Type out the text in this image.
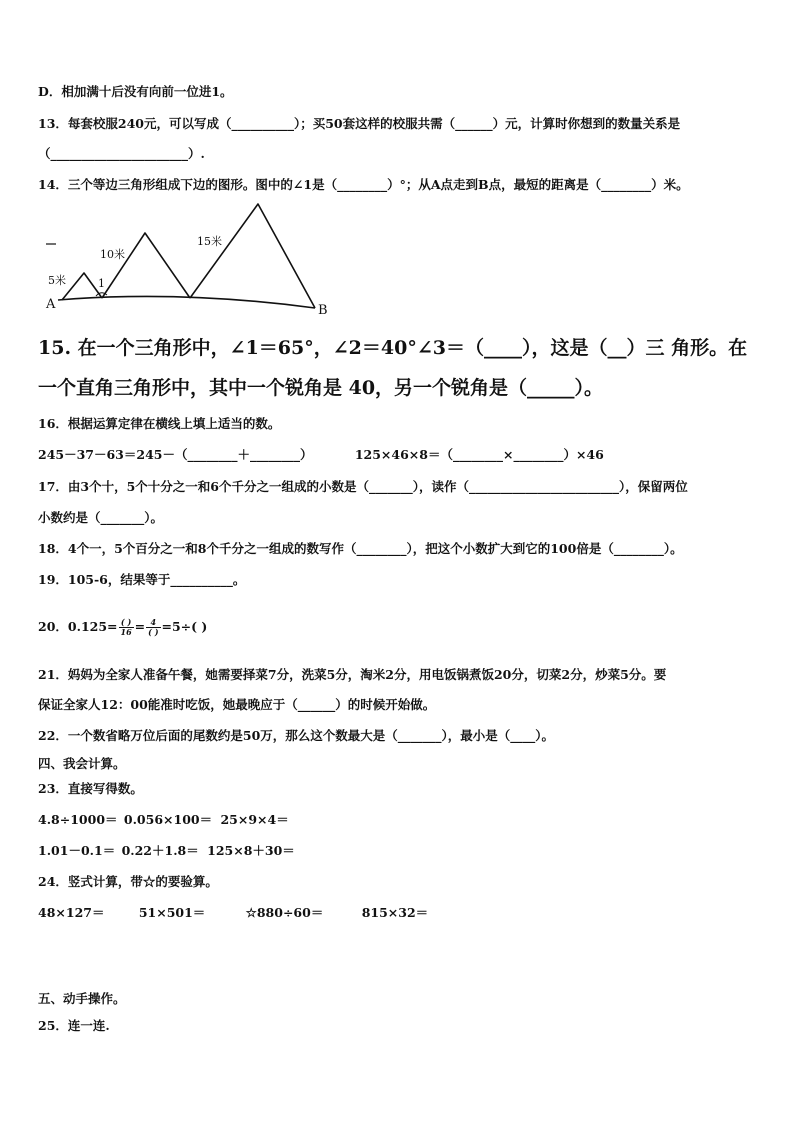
D．相加满十后没有向前一位进1。
13．每套校服240元，可以写成（__________）；买50套这样的校服共需（______）元，计算时你想到的数量关系是
（______________________）.
14．三个等边三角形组成下边的图形。图中的∠1是（________）°；从A点走到B点，最短的距离是（________）米。
5米
10米
15米
1
A	B
15. 在一个三角形中，∠1＝65°，∠2＝40°∠3＝（____），这是（__）三 角形。在
一个直角三角形中，其中一个锐角是 40，另一个锐角是（_____）。
16．根据运算定律在横线上填上适当的数。
245－37－63＝245－（________＋________）	125×46×8＝（________×________）×46
17．由3个十，5个十分之一和6个千分之一组成的小数是（_______），读作（________________________），保留两位
小数约是（_______）。
18．4个一，5个百分之一和8个千分之一组成的数写作（________），把这个小数扩大到它的100倍是（________）。
19．105-6，结果等于__________。
20．$0.125= \frac{( )}{16} = \frac{4}{( )} =5\div$( )
21．妈妈为全家人准备午餐，她需要择菜7分，洗菜5分，淘米2分，用电饭锅煮饭20分，切菜2分，炒菜5分。要
保证全家人12：00能准时吃饭，她最晚应于（______）的时候开始做。
22．一个数省略万位后面的尾数约是50万，那么这个数最大是（_______），最小是（____）。
四、我会计算。
23．直接写得数。
4.8÷1000＝ 0.056×100＝ 25×9×4＝
1.01－0.1＝ 0.22＋1.8＝ 125×8＋30＝
24．竖式计算，带☆的要验算。
48×127＝	51×501＝	☆880÷60＝	815×32＝
五、动手操作。
25．连一连.
